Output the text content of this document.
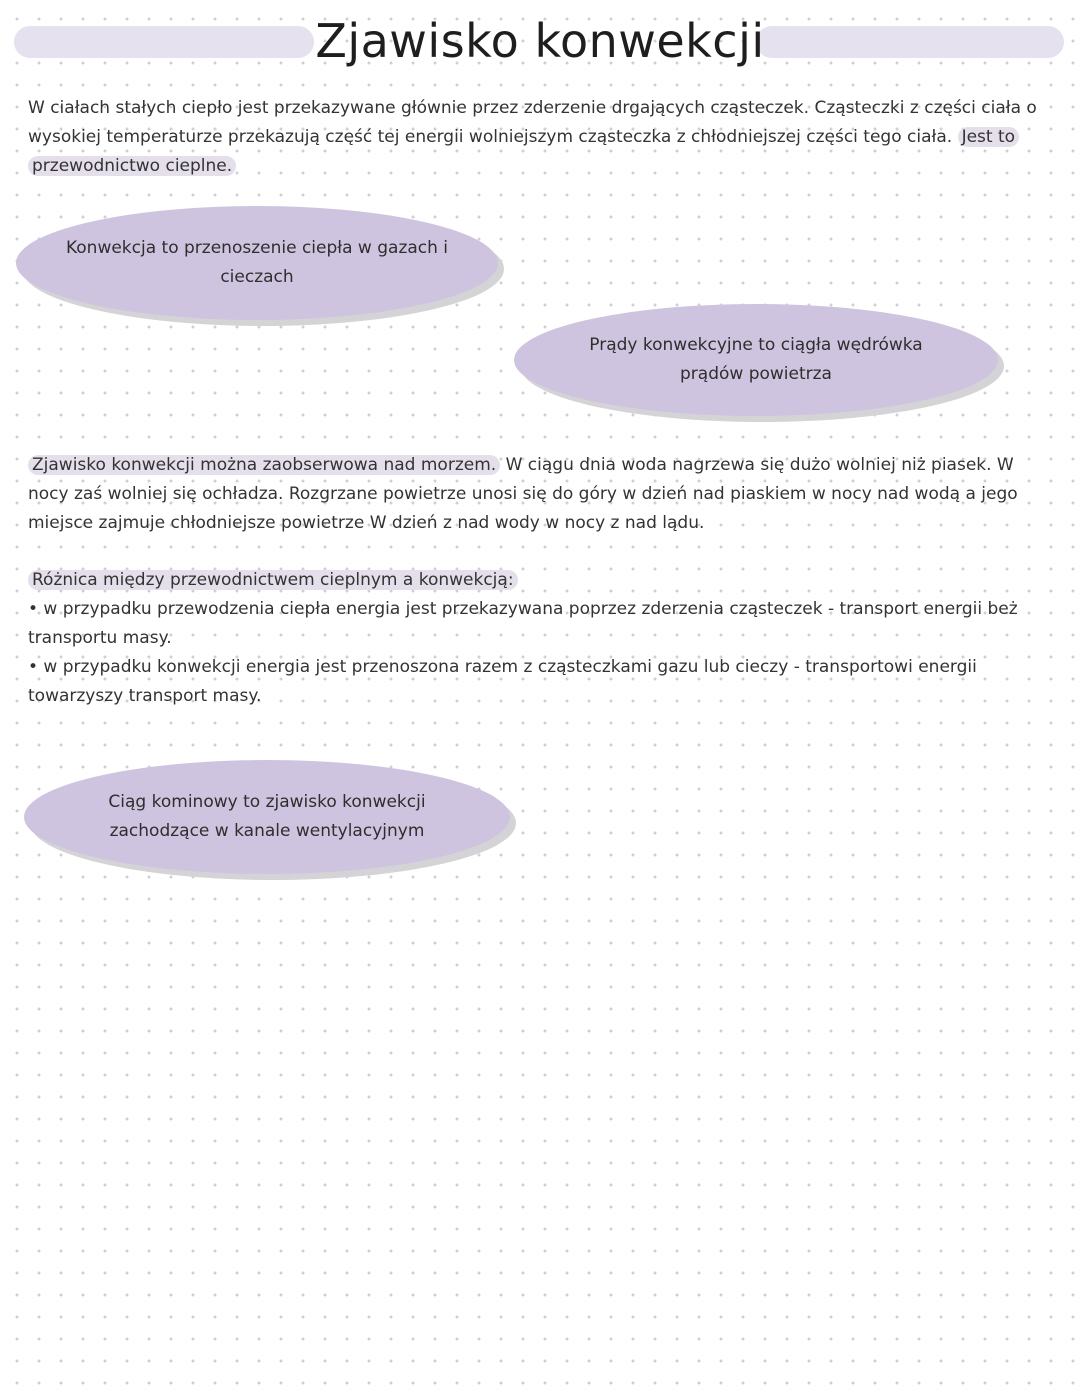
Zjawisko konwekcji
W ciałach stałych ciepło jest przekazywane głównie przez zderzenie drgających cząsteczek. Cząsteczki z części ciała o wysokiej temperaturze przekazują część tej energii wolniejszym cząsteczka z chłodniejszej części tego ciała. Jest to przewodnictwo cieplne.
Konwekcja to przenoszenie ciepła w gazach i cieczach
Prądy konwekcyjne to ciągła wędrówka prądów powietrza
Zjawisko konwekcji można zaobserwowa nad morzem. W ciągu dnia woda nagrzewa się dużo wolniej niż piasek. W nocy zaś wolniej się ochładza. Rozgrzane powietrze unosi się do góry w dzień nad piaskiem w nocy nad wodą a jego miejsce zajmuje chłodniejsze powietrze W dzień z nad wody w nocy z nad lądu.
Różnica między przewodnictwem cieplnym a konwekcją:
• w przypadku przewodzenia ciepła energia jest przekazywana poprzez zderzenia cząsteczek - transport energii beż transportu masy.
• w przypadku konwekcji energia jest przenoszona razem z cząsteczkami gazu lub cieczy - transportowi energii towarzyszy transport masy.
Ciąg kominowy to zjawisko konwekcji zachodzące w kanale wentylacyjnym
